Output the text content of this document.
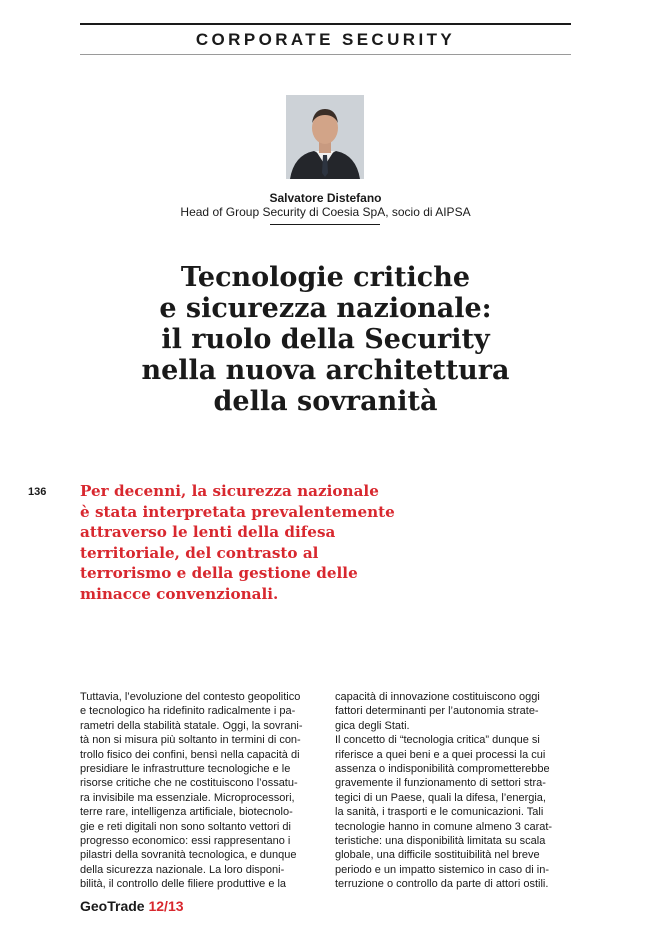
CORPORATE SECURITY
Salvatore Distefano
Head of Group Security di Coesia SpA, socio di AIPSA
Tecnologie critiche
e sicurezza nazionale:
il ruolo della Security
nella nuova architettura
della sovranità
136 Per decenni, la sicurezza nazionale
è stata interpretata prevalentemente
attraverso le lenti della difesa
territoriale, del contrasto al
terrorismo e della gestione delle
minacce convenzionali.

Tuttavia, l’evoluzione del contesto geopolitico
e tecnologico ha ridefinito radicalmente i pa-
rametri della stabilità statale. Oggi, la sovrani-
tà non si misura più soltanto in termini di con-
trollo fisico dei confini, bensì nella capacità di
presidiare le infrastrutture tecnologiche e le
risorse critiche che ne costituiscono l’ossatu-
ra invisibile ma essenziale. Microprocessori,
terre rare, intelligenza artificiale, biotecnolo-
gie e reti digitali non sono soltanto vettori di
progresso economico: essi rappresentano i
pilastri della sovranità tecnologica, e dunque
della sicurezza nazionale. La loro disponi-
bilità, il controllo delle filiere produttive e la

capacità di innovazione costituiscono oggi
fattori determinanti per l’autonomia strate-
gica degli Stati.
Il concetto di “tecnologia critica” dunque si
riferisce a quei beni e a quei processi la cui
assenza o indisponibilità comprometterebbe
gravemente il funzionamento di settori stra-
tegici di un Paese, quali la difesa, l’energia,
la sanità, i trasporti e le comunicazioni. Tali
tecnologie hanno in comune almeno 3 carat-
teristiche: una disponibilità limitata su scala
globale, una difficile sostituibilità nel breve
periodo e un impatto sistemico in caso di in-
terruzione o controllo da parte di attori ostili.

GeoTrade 12/13
